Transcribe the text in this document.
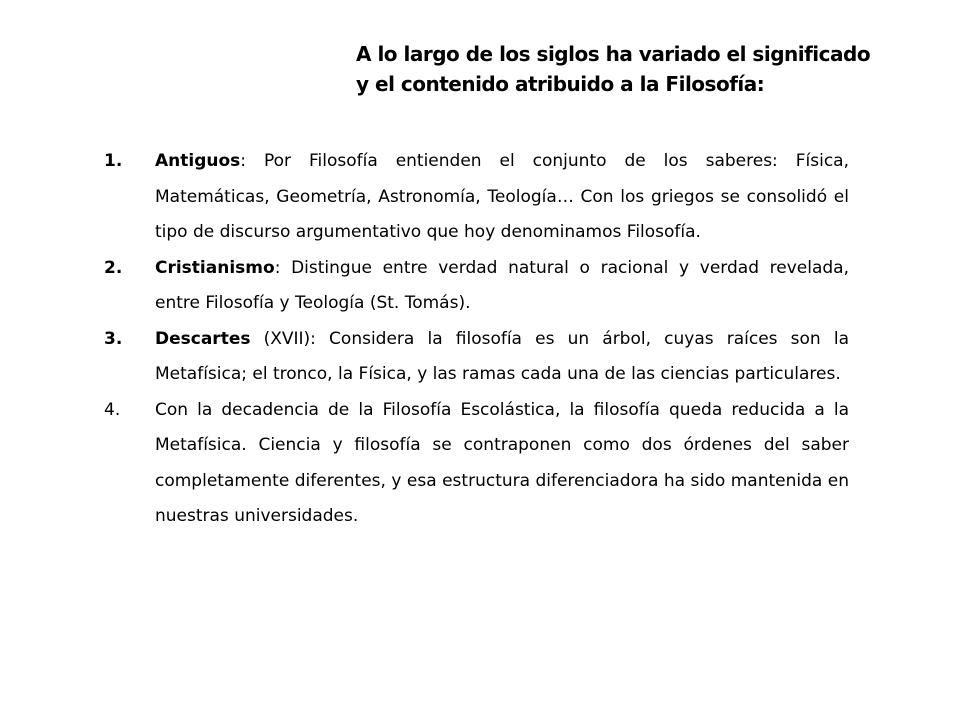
A lo largo de los siglos ha variado el significado
y el contenido atribuido a la Filosofía:
1. Antiguos: Por Filosofía entienden el conjunto de los saberes: Física, Matemáticas, Geometría, Astronomía, Teología… Con los griegos se consolidó el tipo de discurso argumentativo que hoy denominamos Filosofía.
2. Cristianismo: Distingue entre verdad natural o racional y verdad revelada, entre Filosofía y Teología (St. Tomás).
3. Descartes (XVII): Considera la filosofía es un árbol, cuyas raíces son la Metafísica; el tronco, la Física, y las ramas cada una de las ciencias particulares.
4. Con la decadencia de la Filosofía Escolástica, la filosofía queda reducida a la Metafísica. Ciencia y filosofía se contraponen como dos órdenes del saber completamente diferentes, y esa estructura diferenciadora ha sido mantenida en nuestras universidades.
